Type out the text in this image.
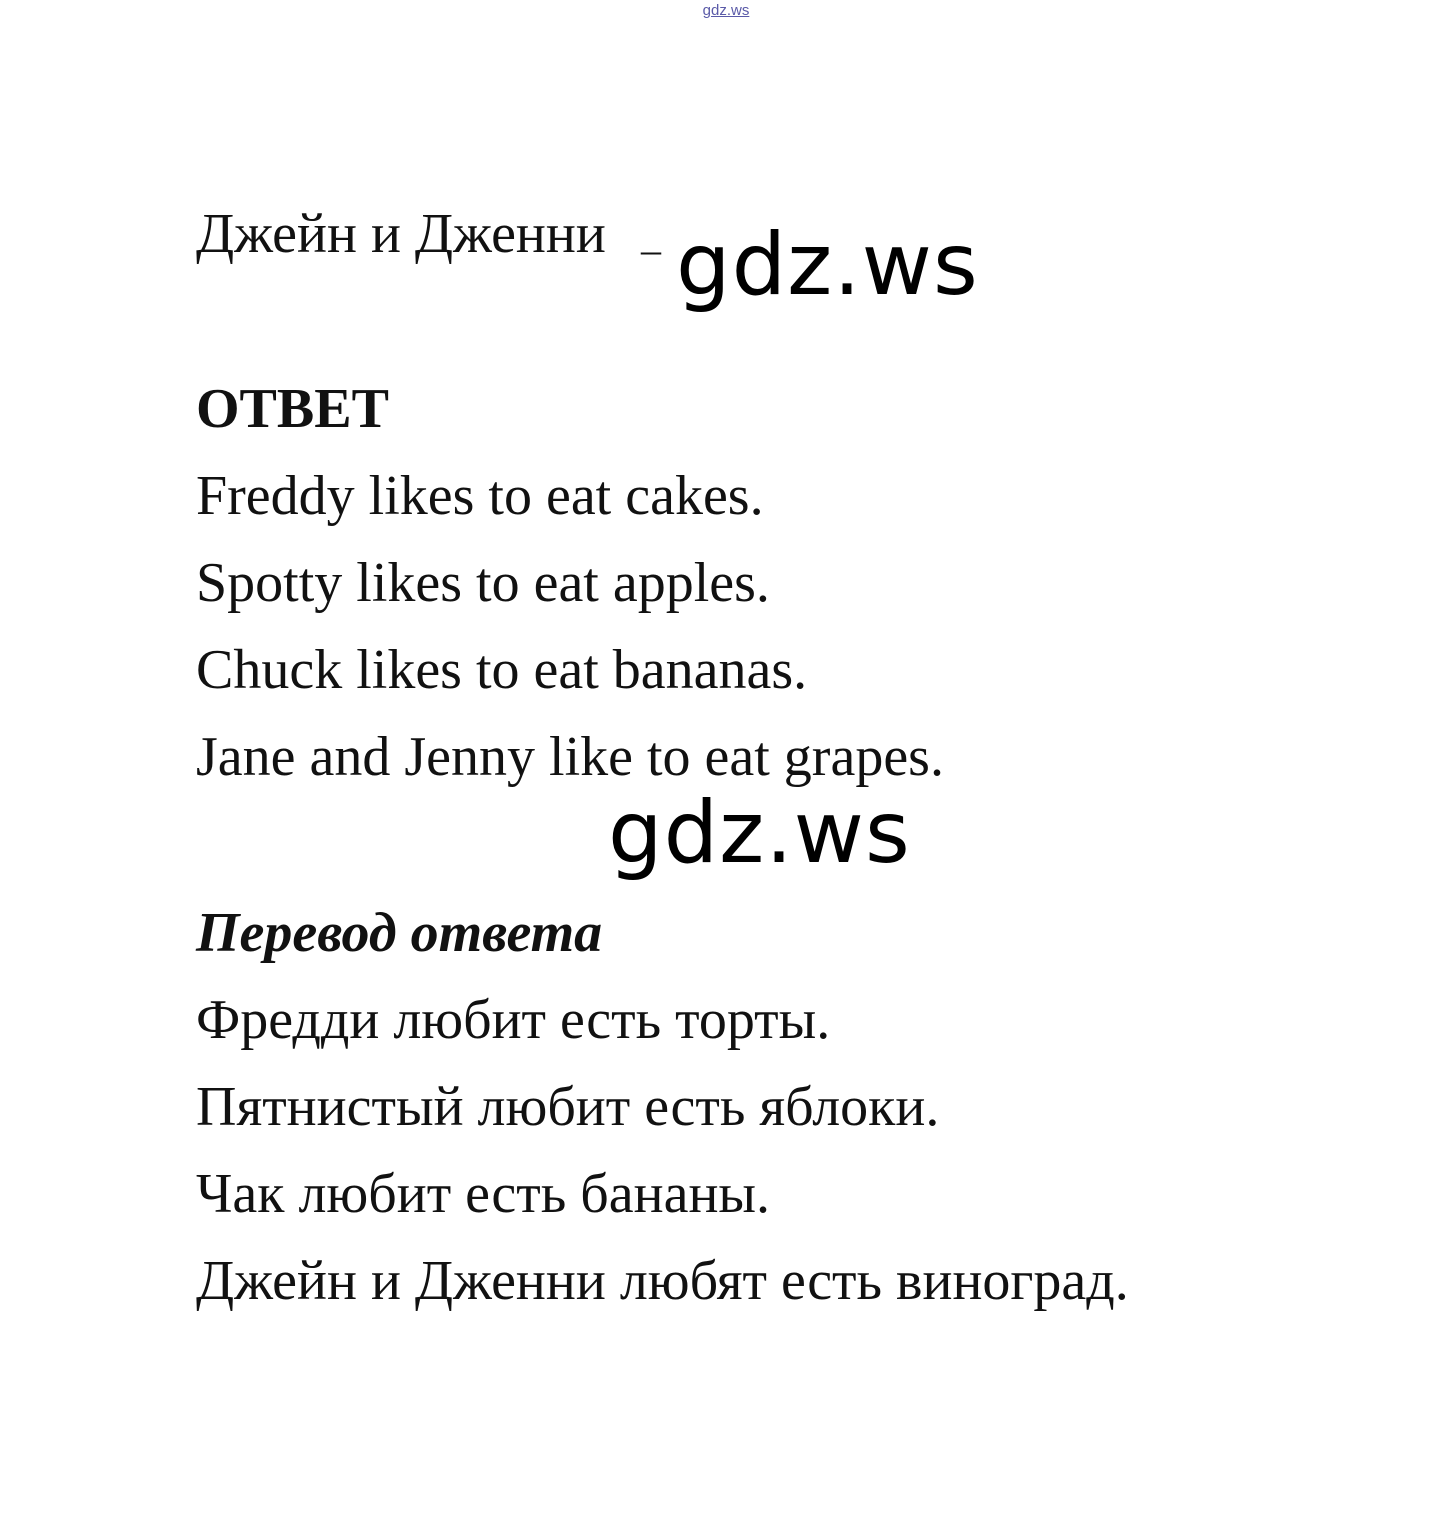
gdz.ws
Джейн и Дженни – gdz.ws
ОТВЕТ
Freddy likes to eat cakes.
Spotty likes to eat apples.
Chuck likes to eat bananas.
Jane and Jenny like to eat grapes.
gdz.ws
Перевод ответа
Фредди любит есть торты.
Пятнистый любит есть яблоки.
Чак любит есть бананы.
Джейн и Дженни любят есть виноград.
